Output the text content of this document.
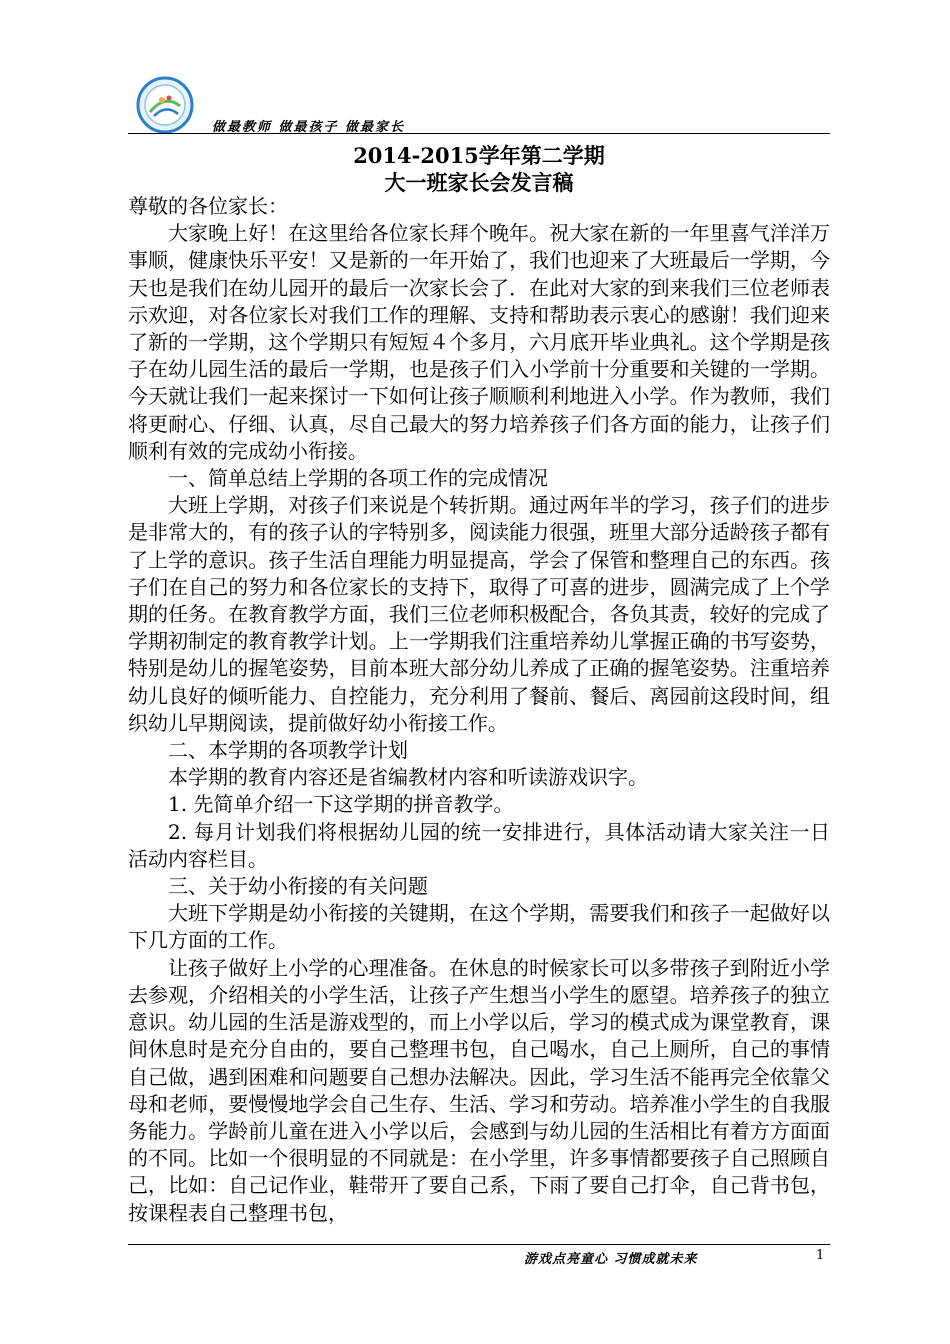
做最教师 做最孩子 做最家长
2014-2015学年第二学期
大一班家长会发言稿

尊敬的各位家长：

大家晚上好！在这里给各位家长拜个晚年。祝大家在新的一年里喜气洋洋万事顺，健康快乐平安！又是新的一年开始了，我们也迎来了大班最后一学期，今天也是我们在幼儿园开的最后一次家长会了．在此对大家的到来我们三位老师表示欢迎，对各位家长对我们工作的理解、支持和帮助表示衷心的感谢！我们迎来了新的一学期，这个学期只有短短４个多月，六月底开毕业典礼。这个学期是孩子在幼儿园生活的最后一学期，也是孩子们入小学前十分重要和关键的一学期。今天就让我们一起来探讨一下如何让孩子顺顺利利地进入小学。作为教师，我们将更耐心、仔细、认真，尽自己最大的努力培养孩子们各方面的能力，让孩子们顺利有效的完成幼小衔接。

一、简单总结上学期的各项工作的完成情况

大班上学期，对孩子们来说是个转折期。通过两年半的学习，孩子们的进步是非常大的，有的孩子认的字特别多，阅读能力很强，班里大部分适龄孩子都有了上学的意识。孩子生活自理能力明显提高，学会了保管和整理自己的东西。孩子们在自己的努力和各位家长的支持下，取得了可喜的进步，圆满完成了上个学期的任务。在教育教学方面，我们三位老师积极配合，各负其责，较好的完成了学期初制定的教育教学计划。上一学期我们注重培养幼儿掌握正确的书写姿势，特别是幼儿的握笔姿势，目前本班大部分幼儿养成了正确的握笔姿势。注重培养幼儿良好的倾听能力、自控能力，充分利用了餐前、餐后、离园前这段时间，组织幼儿早期阅读，提前做好幼小衔接工作。

二、本学期的各项教学计划

本学期的教育内容还是省编教材内容和听读游戏识字。

1. 先简单介绍一下这学期的拼音教学。

2. 每月计划我们将根据幼儿园的统一安排进行，具体活动请大家关注一日活动内容栏目。

三、关于幼小衔接的有关问题

大班下学期是幼小衔接的关键期，在这个学期，需要我们和孩子一起做好以下几方面的工作。

让孩子做好上小学的心理准备。在休息的时候家长可以多带孩子到附近小学去参观，介绍相关的小学生活，让孩子产生想当小学生的愿望。培养孩子的独立意识。幼儿园的生活是游戏型的，而上小学以后，学习的模式成为课堂教育，课间休息时是充分自由的，要自己整理书包，自己喝水，自己上厕所，自己的事情自己做，遇到困难和问题要自己想办法解决。因此，学习生活不能再完全依靠父母和老师，要慢慢地学会自己生存、生活、学习和劳动。培养准小学生的自我服务能力。学龄前儿童在进入小学以后，会感到与幼儿园的生活相比有着方方面面的不同。比如一个很明显的不同就是：在小学里，许多事情都要孩子自己照顾自己，比如：自己记作业，鞋带开了要自己系，下雨了要自己打伞，自己背书包，按课程表自己整理书包，

游戏点亮童心 习惯成就未来	1
